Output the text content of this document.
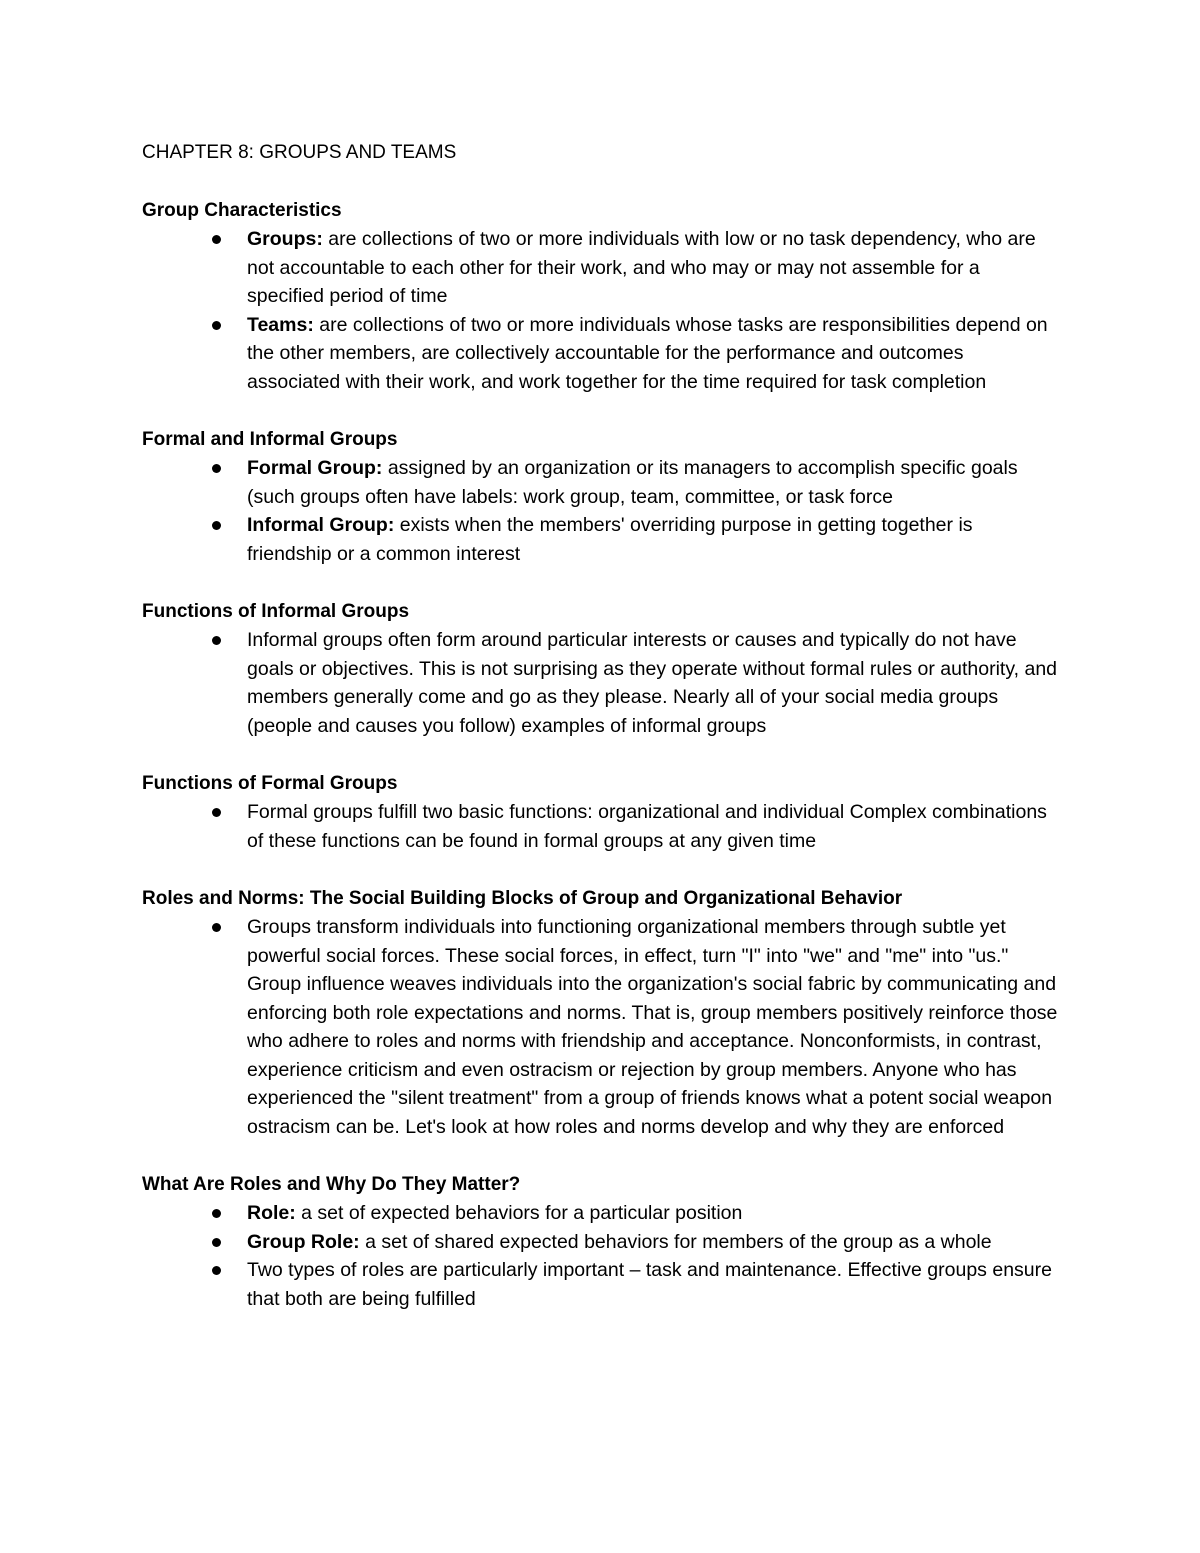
CHAPTER 8: GROUPS AND TEAMS
Group Characteristics
Groups: are collections of two or more individuals with low or no task dependency, who are not accountable to each other for their work, and who may or may not assemble for a specified period of time
Teams: are collections of two or more individuals whose tasks are responsibilities depend on the other members, are collectively accountable for the performance and outcomes associated with their work, and work together for the time required for task completion
Formal and Informal Groups
Formal Group: assigned by an organization or its managers to accomplish specific goals (such groups often have labels: work group, team, committee, or task force
Informal Group: exists when the members' overriding purpose in getting together is friendship or a common interest
Functions of Informal Groups
Informal groups often form around particular interests or causes and typically do not have goals or objectives. This is not surprising as they operate without formal rules or authority, and members generally come and go as they please. Nearly all of your social media groups (people and causes you follow) examples of informal groups
Functions of Formal Groups
Formal groups fulfill two basic functions: organizational and individual Complex combinations of these functions can be found in formal groups at any given time
Roles and Norms: The Social Building Blocks of Group and Organizational Behavior
Groups transform individuals into functioning organizational members through subtle yet powerful social forces. These social forces, in effect, turn "I" into "we" and "me" into "us." Group influence weaves individuals into the organization's social fabric by communicating and enforcing both role expectations and norms. That is, group members positively reinforce those who adhere to roles and norms with friendship and acceptance. Nonconformists, in contrast, experience criticism and even ostracism or rejection by group members. Anyone who has experienced the "silent treatment" from a group of friends knows what a potent social weapon ostracism can be. Let's look at how roles and norms develop and why they are enforced
What Are Roles and Why Do They Matter?
Role: a set of expected behaviors for a particular position
Group Role: a set of shared expected behaviors for members of the group as a whole
Two types of roles are particularly important – task and maintenance. Effective groups ensure that both are being fulfilled
